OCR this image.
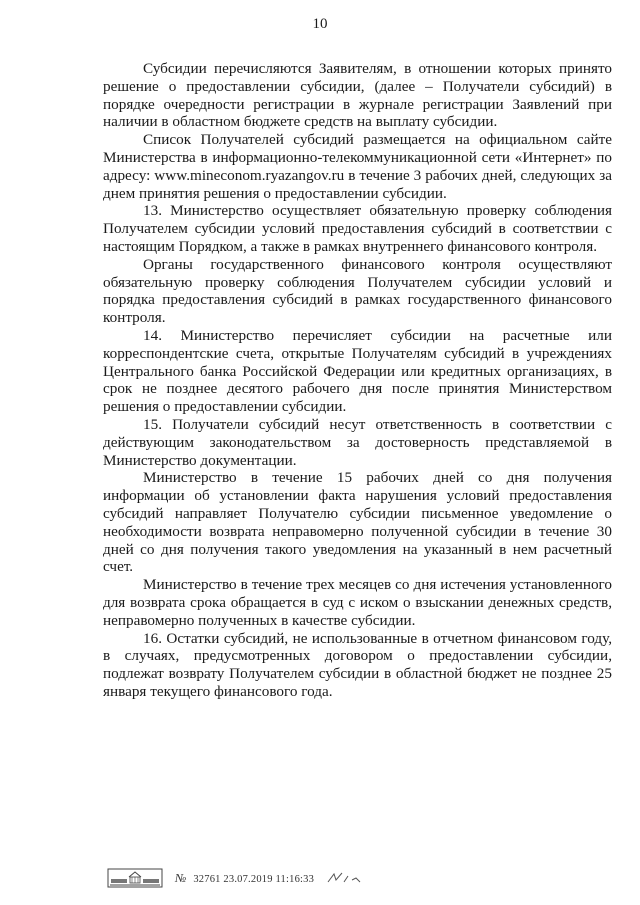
10

Субсидии перечисляются Заявителям, в отношении которых принято решение о предоставлении субсидии, (далее – Получатели субсидий) в порядке очередности регистрации в журнале регистрации Заявлений при наличии в областном бюджете средств на выплату субсидии.

Список Получателей субсидий размещается на официальном сайте Министерства в информационно-телекоммуникационной сети «Интернет» по адресу: www.mineconom.ryazangov.ru в течение 3 рабочих дней, следующих за днем принятия решения о предоставлении субсидии.

13. Министерство осуществляет обязательную проверку соблюдения Получателем субсидии условий предоставления субсидий в соответствии с настоящим Порядком, а также в рамках внутреннего финансового контроля.

Органы государственного финансового контроля осуществляют обязательную проверку соблюдения Получателем субсидии условий и порядка предоставления субсидий в рамках государственного финансового контроля.

14. Министерство перечисляет субсидии на расчетные или корреспондентские счета, открытые Получателям субсидий в учреждениях Центрального банка Российской Федерации или кредитных организациях, в срок не позднее десятого рабочего дня после принятия Министерством решения о предоставлении субсидии.

15. Получатели субсидий несут ответственность в соответствии с действующим законодательством за достоверность представляемой в Министерство документации.

Министерство в течение 15 рабочих дней со дня получения информации об установлении факта нарушения условий предоставления субсидий направляет Получателю субсидии письменное уведомление о необходимости возврата неправомерно полученной субсидии в течение 30 дней со дня получения такого уведомления на указанный в нем расчетный счет.

Министерство в течение трех месяцев со дня истечения установленного для возврата срока обращается в суд с иском о взыскании денежных средств, неправомерно полученных в качестве субсидии.

16. Остатки субсидий, не использованные в отчетном финансовом году, в случаях, предусмотренных договором о предоставлении субсидии, подлежат возврату Получателем субсидии в областной бюджет не позднее 25 января текущего финансового года.

№ 32761 23.07.2019 11:16:33
